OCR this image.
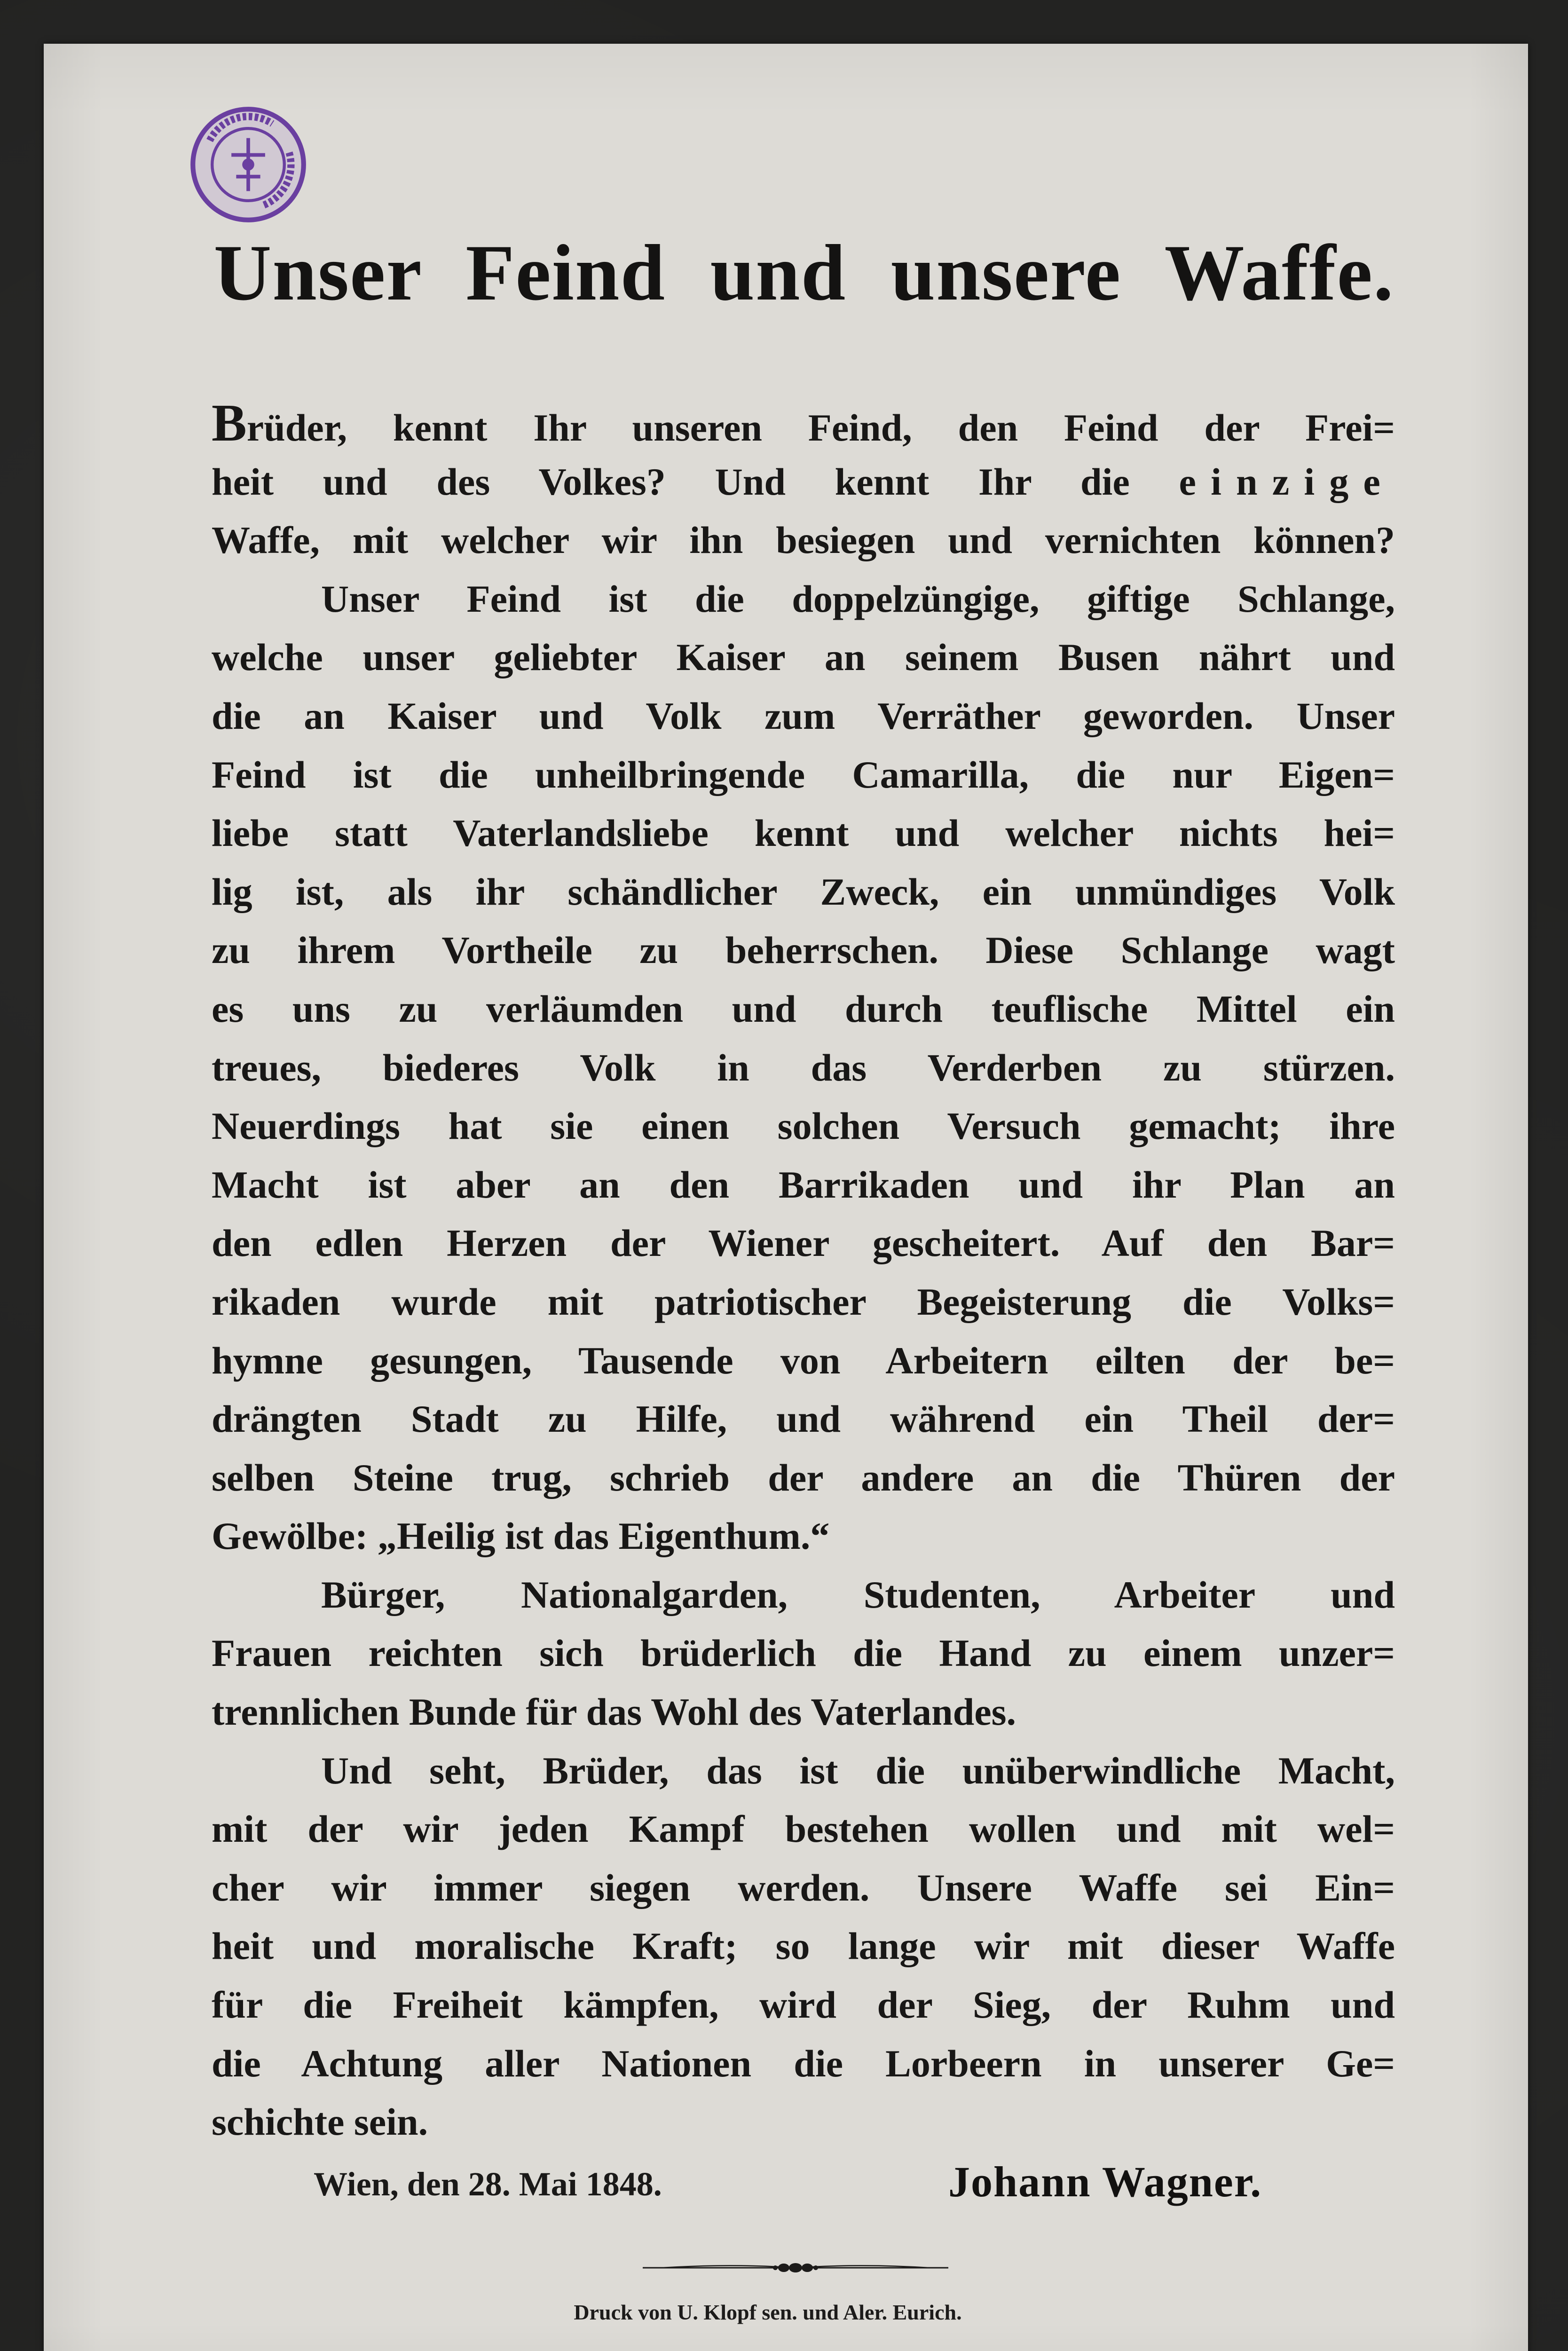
Unser Feind und unsere Waffe.
Brüder, kennt Ihr unseren Feind, den Feind der Frei=
heit und des Volkes? Und kennt Ihr die einzige
Waffe, mit welcher wir ihn besiegen und vernichten können?
Unser Feind ist die doppelzüngige, giftige Schlange,
welche unser geliebter Kaiser an seinem Busen nährt und
die an Kaiser und Volk zum Verräther geworden. Unser
Feind ist die unheilbringende Camarilla, die nur Eigen=
liebe statt Vaterlandsliebe kennt und welcher nichts hei=
lig ist, als ihr schändlicher Zweck, ein unmündiges Volk
zu ihrem Vortheile zu beherrschen. Diese Schlange wagt
es uns zu verläumden und durch teuflische Mittel ein
treues, biederes Volk in das Verderben zu stürzen.
Neuerdings hat sie einen solchen Versuch gemacht; ihre
Macht ist aber an den Barrikaden und ihr Plan an
den edlen Herzen der Wiener gescheitert. Auf den Bar=
rikaden wurde mit patriotischer Begeisterung die Volks=
hymne gesungen, Tausende von Arbeitern eilten der be=
drängten Stadt zu Hilfe, und während ein Theil der=
selben Steine trug, schrieb der andere an die Thüren der
Gewölbe: „Heilig ist das Eigenthum.“
Bürger, Nationalgarden, Studenten, Arbeiter und
Frauen reichten sich brüderlich die Hand zu einem unzer=
trennlichen Bunde für das Wohl des Vaterlandes.
Und seht, Brüder, das ist die unüberwindliche Macht,
mit der wir jeden Kampf bestehen wollen und mit wel=
cher wir immer siegen werden. Unsere Waffe sei Ein=
heit und moralische Kraft; so lange wir mit dieser Waffe
für die Freiheit kämpfen, wird der Sieg, der Ruhm und
die Achtung aller Nationen die Lorbeern in unserer Ge=
schichte sein.
Wien, den 28. Mai 1848.	Johann Wagner.
Druck von U. Klopf sen. und Aler. Eurich.
